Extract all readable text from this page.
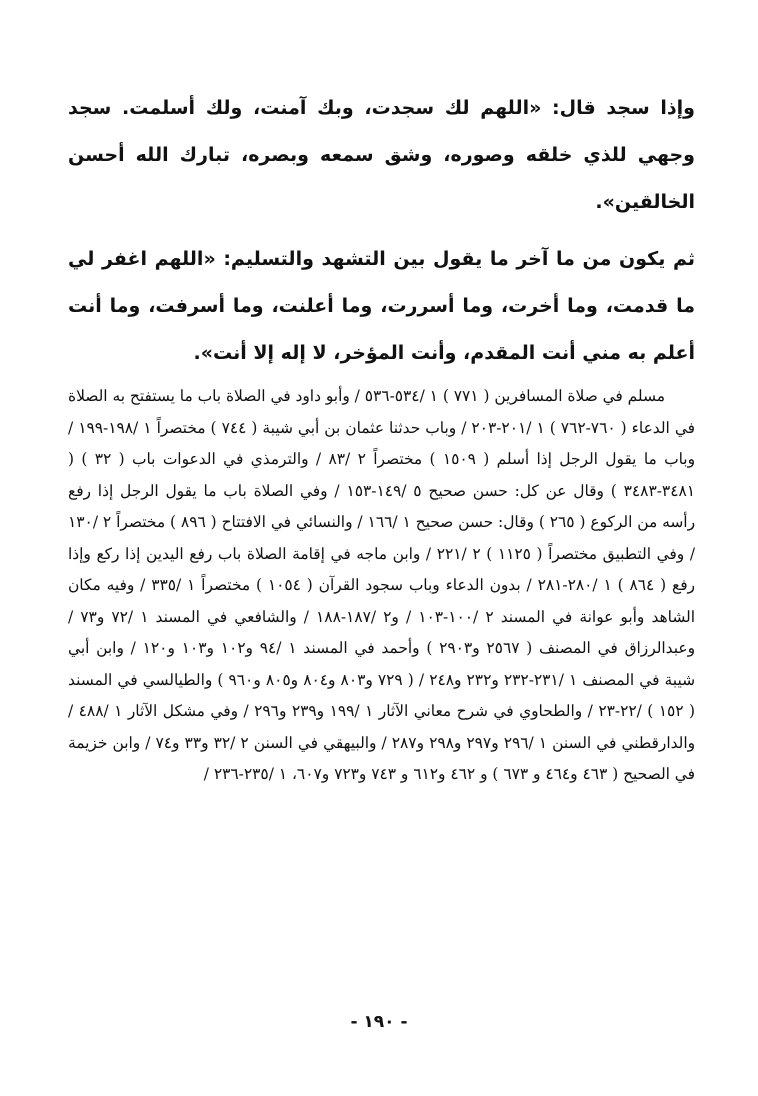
وإذا سجد قال: «اللهم لك سجدت، وبك آمنت، ولك أسلمت. سجد وجهي للذي خلقه وصوره، وشق سمعه وبصره، تبارك الله أحسن الخالقين».

ثم يكون من ما آخر ما يقول بين التشهد والتسليم: «اللهم اغفر لي ما قدمت، وما أخرت، وما أسررت، وما أعلنت، وما أسرفت، وما أنت أعلم به مني أنت المقدم، وأنت المؤخر، لا إله إلا أنت».

مسلم في صلاة المسافرين ( ٧٧١ ) ١ /٥٣٤-٥٣٦ / وأبو داود في الصلاة باب ما يستفتح به الصلاة في الدعاء ( ٧٦٠-٧٦٢ ) ١ /٢٠١-٢٠٣ / وباب حدثنا عثمان بن أبي شيبة ( ٧٤٤ ) مختصراً ١ /١٩٨-١٩٩ / وباب ما يقول الرجل إذا أسلم ( ١٥٠٩ ) مختصراً ٢ /٨٣ / والترمذي في الدعوات باب ( ٣٢ ) ( ٣٤٨١-٣٤٨٣ ) وقال عن كل: حسن صحيح ٥ /١٤٩-١٥٣ / وفي الصلاة باب ما يقول الرجل إذا رفع رأسه من الركوع ( ٢٦٥ ) وقال: حسن صحيح ١ /١٦٦ / والنسائي في الافتتاح ( ٨٩٦ ) مختصراً ٢ /١٣٠ / وفي التطبيق مختصراً ( ١١٢٥ ) ٢ /٢٢١ / وابن ماجه في إقامة الصلاة باب رفع اليدين إذا ركع وإذا رفع ( ٨٦٤ ) ١ /٢٨٠-٢٨١ / بدون الدعاء وباب سجود القرآن ( ١٠٥٤ ) مختصراً ١ /٣٣٥ / وفيه مكان الشاهد وأبو عوانة في المسند ٢ /١٠٠-١٠٣ / و٢ /١٨٧-١٨٨ / والشافعي في المسند ١ /٧٢ و٧٣ / وعبدالرزاق في المصنف ( ٢٥٦٧ و٢٩٠٣ ) وأحمد في المسند ١ /٩٤ و١٠٢ و١٠٣ و١٢٠ / وابن أبي شيبة في المصنف ١ /٢٣١-٢٣٢ و٢٣٢ و٢٤٨ / ( ٧٢٩ و٨٠٣ و٨٠٤ و٨٠٥ و٩٦٠ ) والطيالسي في المسند ( ١٥٢ ) /٢٢-٢٣ / والطحاوي في شرح معاني الآثار ١ /١٩٩ و٢٣٩ و٢٩٦ / وفي مشكل الآثار ١ /٤٨٨ / والدارقطني في السنن ١ /٢٩٦ و٢٩٧ و٢٩٨ و٢٨٧ / والبيهقي في السنن ٢ /٣٢ و٣٣ و٧٤ / وابن خزيمة في الصحيح ( ٤٦٣ و٤٦٤ و ٦٧٣ ) و ٤٦٢ و٦١٢ و ٧٤٣ و٧٢٣ و٦٠٧، ١ /٢٣٥-٢٣٦ /

- ١٩٠ -
